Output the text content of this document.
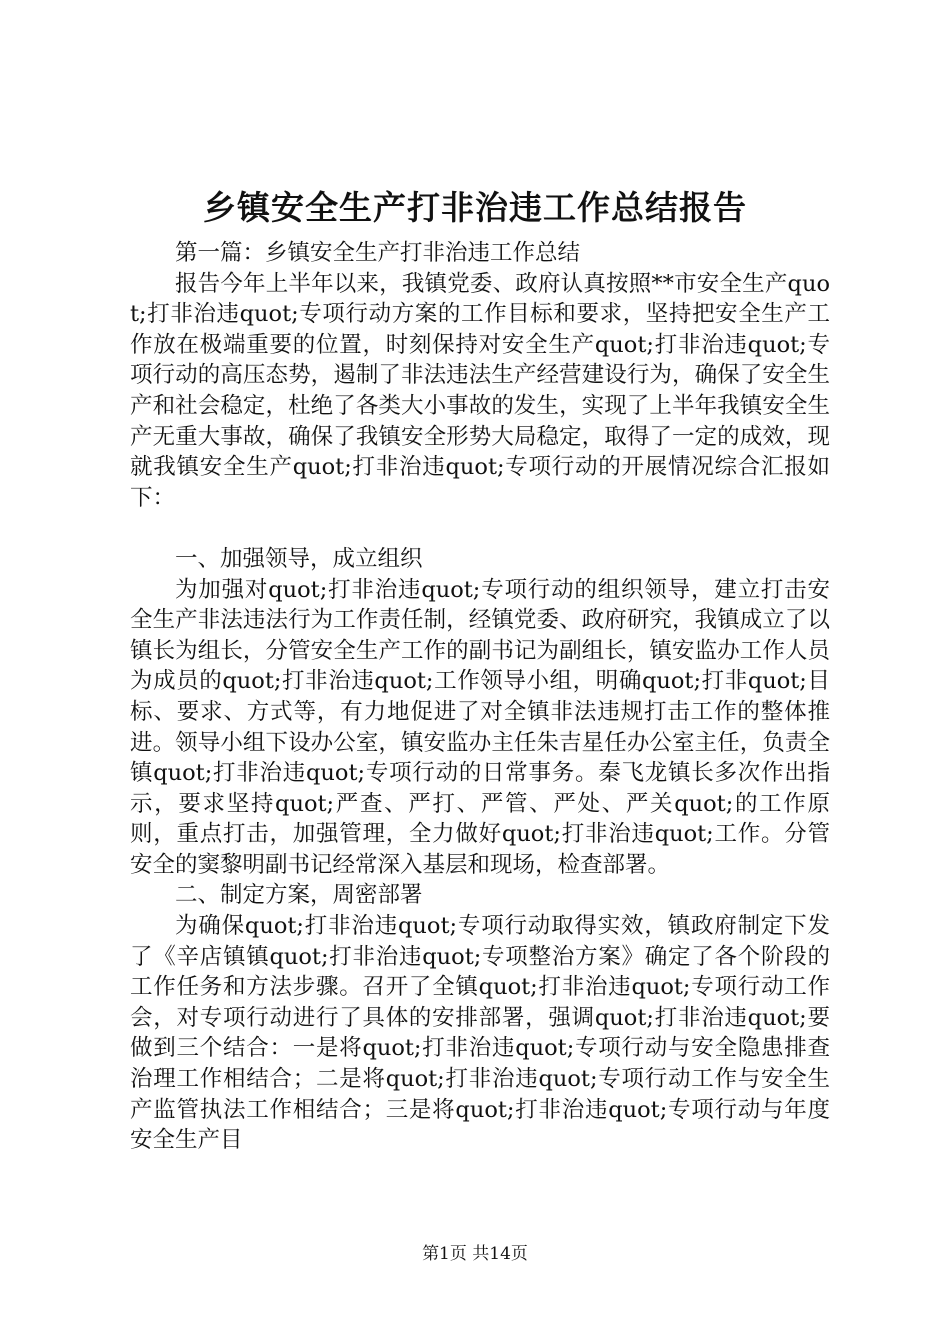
乡镇安全生产打非治违工作总结报告

第一篇：乡镇安全生产打非治违工作总结

报告今年上半年以来，我镇党委、政府认真按照**市安全生产quot;打非治违quot;专项行动方案的工作目标和要求，坚持把安全生产工作放在极端重要的位置，时刻保持对安全生产quot;打非治违quot;专项行动的高压态势，遏制了非法违法生产经营建设行为，确保了安全生产和社会稳定，杜绝了各类大小事故的发生，实现了上半年我镇安全生产无重大事故，确保了我镇安全形势大局稳定，取得了一定的成效，现就我镇安全生产quot;打非治违quot;专项行动的开展情况综合汇报如下：

一、加强领导，成立组织

为加强对quot;打非治违quot;专项行动的组织领导，建立打击安全生产非法违法行为工作责任制，经镇党委、政府研究，我镇成立了以镇长为组长，分管安全生产工作的副书记为副组长，镇安监办工作人员为成员的quot;打非治违quot;工作领导小组，明确quot;打非quot;目标、要求、方式等，有力地促进了对全镇非法违规打击工作的整体推进。领导小组下设办公室，镇安监办主任朱吉星任办公室主任，负责全镇quot;打非治违quot;专项行动的日常事务。秦飞龙镇长多次作出指示，要求坚持quot;严查、严打、严管、严处、严关quot;的工作原则，重点打击，加强管理，全力做好quot;打非治违quot;工作。分管安全的窦黎明副书记经常深入基层和现场，检查部署。

二、制定方案，周密部署

为确保quot;打非治违quot;专项行动取得实效，镇政府制定下发了《辛店镇镇quot;打非治违quot;专项整治方案》确定了各个阶段的工作任务和方法步骤。召开了全镇quot;打非治违quot;专项行动工作会，对专项行动进行了具体的安排部署，强调quot;打非治违quot;要做到三个结合：一是将quot;打非治违quot;专项行动与安全隐患排查治理工作相结合；二是将quot;打非治违quot;专项行动工作与安全生产监管执法工作相结合；三是将quot;打非治违quot;专项行动与年度安全生产目

第1页 共14页
